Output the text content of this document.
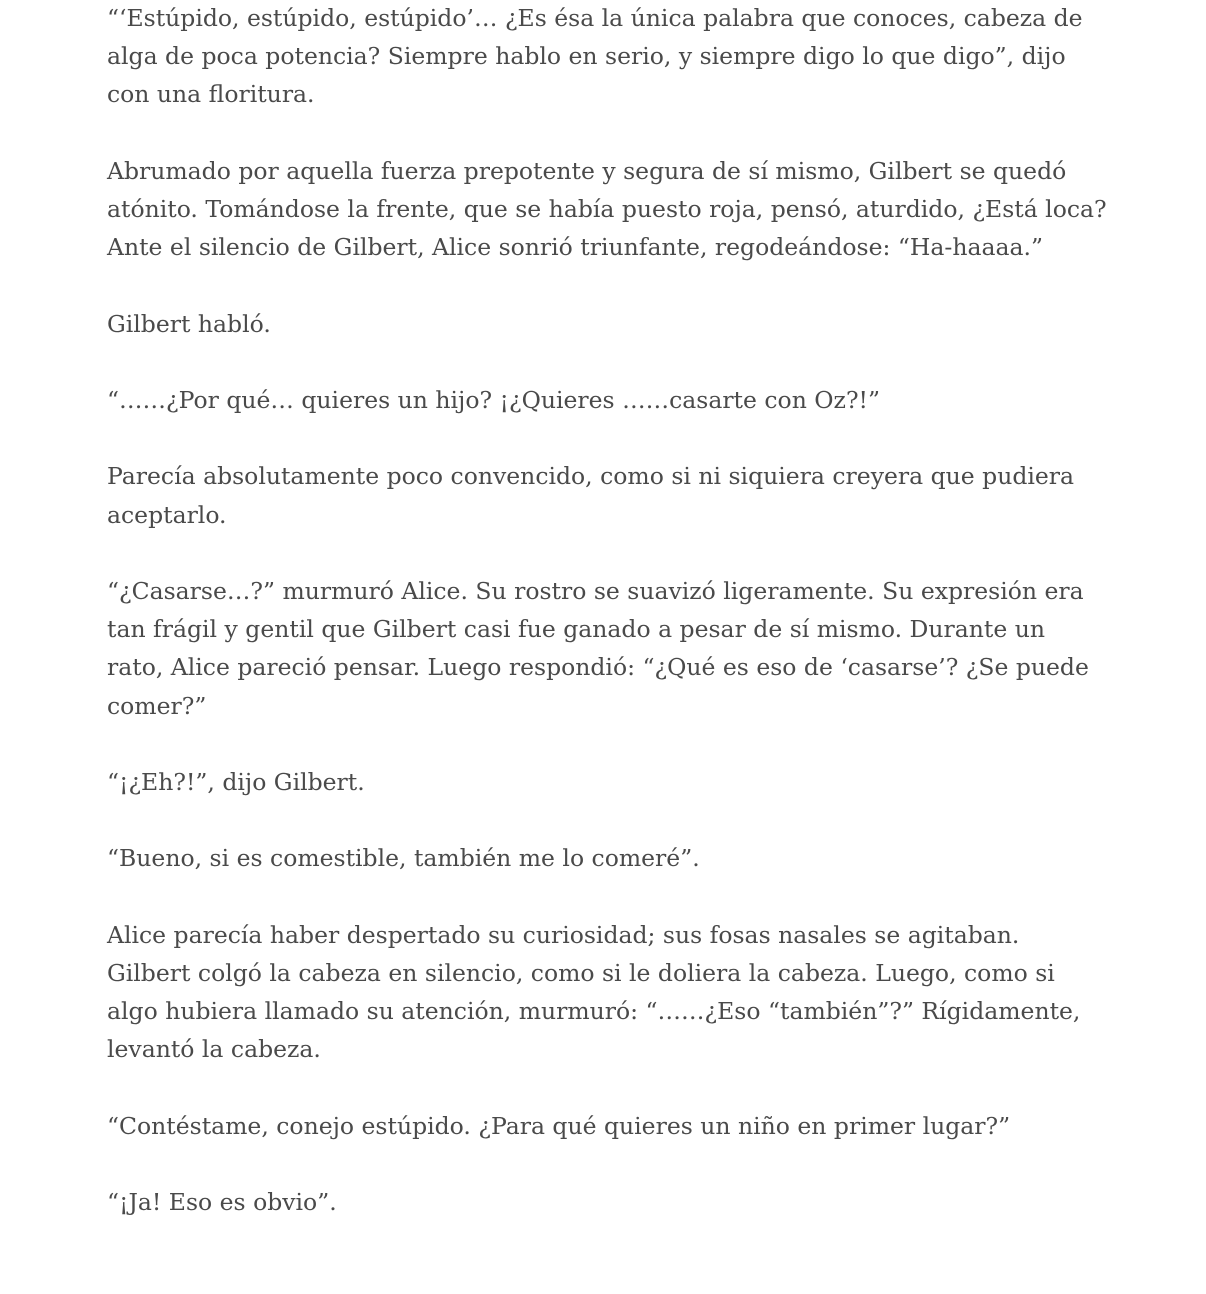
“‘Estúpido, estúpido, estúpido’… ¿Es ésa la única palabra que conoces, cabeza de alga de poca potencia? Siempre hablo en serio, y siempre digo lo que digo”, dijo con una floritura.

Abrumado por aquella fuerza prepotente y segura de sí mismo, Gilbert se quedó atónito. Tomándose la frente, que se había puesto roja, pensó, aturdido, ¿Está loca? Ante el silencio de Gilbert, Alice sonrió triunfante, regodeándose: “Ha-haaaa.”

Gilbert habló.

“……¿Por qué… quieres un hijo? ¡¿Quieres ……casarte con Oz?!”

Parecía absolutamente poco convencido, como si ni siquiera creyera que pudiera aceptarlo.

“¿Casarse…?” murmuró Alice. Su rostro se suavizó ligeramente. Su expresión era tan frágil y gentil que Gilbert casi fue ganado a pesar de sí mismo. Durante un rato, Alice pareció pensar. Luego respondió: “¿Qué es eso de ‘casarse’? ¿Se puede comer?”

“¡¿Eh?!”, dijo Gilbert.

“Bueno, si es comestible, también me lo comeré”.

Alice parecía haber despertado su curiosidad; sus fosas nasales se agitaban. Gilbert colgó la cabeza en silencio, como si le doliera la cabeza. Luego, como si algo hubiera llamado su atención, murmuró: “……¿Eso “también”?” Rígidamente, levantó la cabeza.

“Contéstame, conejo estúpido. ¿Para qué quieres un niño en primer lugar?”

“¡Ja! Eso es obvio”.
